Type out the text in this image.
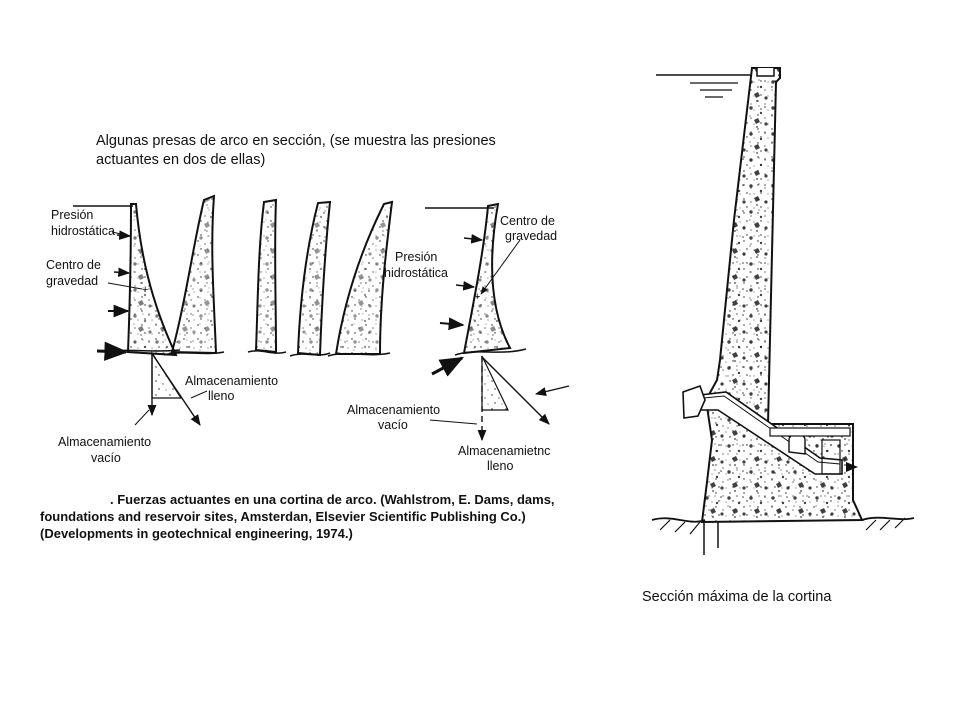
+
+
Algunas presas de arco en sección, (se muestra las presiones
actuantes en dos de ellas)
Presión
hidrostática
Centro de
gravedad
Almacenamiento
lleno
Almacenamiento
vacío
Centro de
gravedad
Presión
hidrostática
Almacenamiento
vacío
Almacenamietnc
lleno
. Fuerzas actuantes en una cortina de arco. (Wahlstrom, E. Dams, dams,
foundations and reservoir sites, Amsterdan, Elsevier Scientific Publishing Co.)
(Developments in geotechnical engineering, 1974.)
Sección máxima de la cortina
